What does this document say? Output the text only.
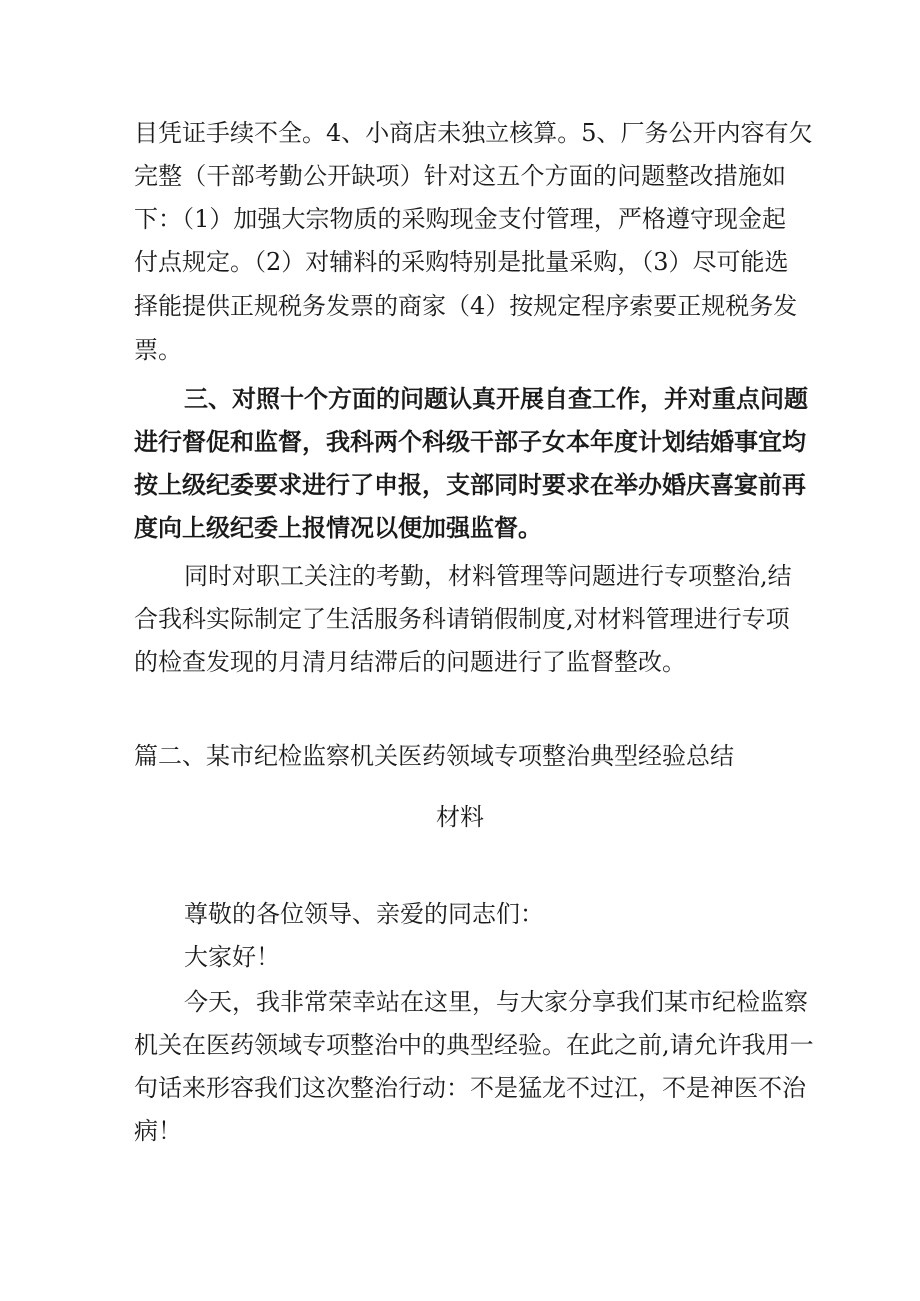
目凭证手续不全。4、小商店未独立核算。5、厂务公开内容有欠
完整（干部考勤公开缺项）针对这五个方面的问题整改措施如
下：（1）加强大宗物质的采购现金支付管理，严格遵守现金起
付点规定。（2）对辅料的采购特别是批量采购，（3）尽可能选
择能提供正规税务发票的商家（4）按规定程序索要正规税务发
票。
三、对照十个方面的问题认真开展自查工作，并对重点问题
进行督促和监督，我科两个科级干部子女本年度计划结婚事宜均
按上级纪委要求进行了申报，支部同时要求在举办婚庆喜宴前再
度向上级纪委上报情况以便加强监督。
同时对职工关注的考勤，材料管理等问题进行专项整治,结
合我科实际制定了生活服务科请销假制度,对材料管理进行专项
的检查发现的月清月结滞后的问题进行了监督整改。
篇二、某市纪检监察机关医药领域专项整治典型经验总结
材料
尊敬的各位领导、亲爱的同志们：
大家好！
今天，我非常荣幸站在这里，与大家分享我们某市纪检监察
机关在医药领域专项整治中的典型经验。在此之前,请允许我用一
句话来形容我们这次整治行动：不是猛龙不过江，不是神医不治
病！
